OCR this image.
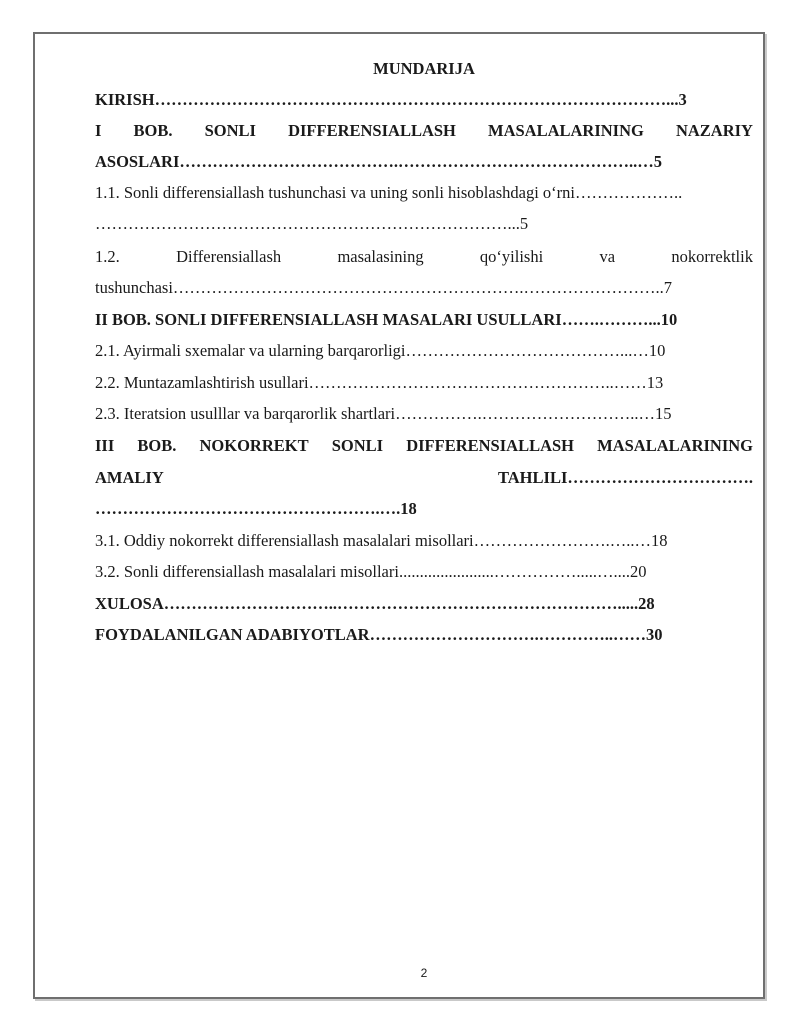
MUNDARIJA
KIRISH…………………………………………………………………………………...3
I BOB. SONLI DIFFERENSIALLASH MASALALARINING NAZARIY
ASOSLARI………………………………….……………………………………..…5
1.1. Sonli differensiallash tushunchasi va uning sonli hisoblashdagi o‘rni………………..
…………………………………………………………………...5
1.2.	Differensiallash	masalasining	qo‘yilishi	va	nokorrektlik
tushunchasi……………………………………………………….……………………..7
II BOB. SONLI DIFFERENSIALLASH MASALARI USULLARI…….………...10
2.1. Ayirmali sxemalar va ularning barqarorligi…………………………………...…10
2.2. Muntazamlashtirish usullari………………………………………………..……13
2.3. Iteratsion usulllar va barqarorlik shartlari…………….………………………..…15
III BOB. NOKORREKT SONLI DIFFERENSIALLASH MASALALARINING
AMALIY	TAHLILI…………………………….
…………………………………………….….18
3.1. Oddiy nokorrekt differensiallash masalalari misollari…………………….…..…18
3.2. Sonli differensiallash masalalari misollari.......................…………….....…....20
XULOSA…………………………..…………………………………………….....28
FOYDALANILGAN ADABIYOTLAR………………………….…………..……30
2
